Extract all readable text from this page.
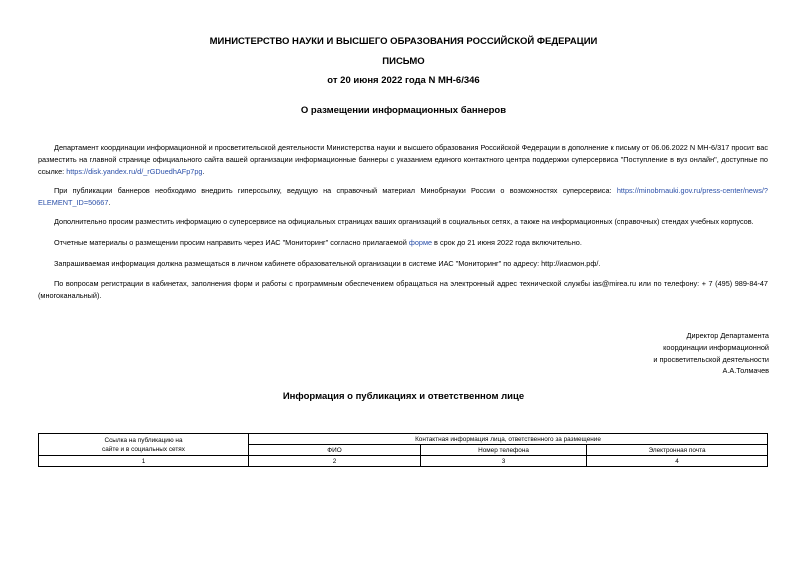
МИНИСТЕРСТВО НАУКИ И ВЫСШЕГО ОБРАЗОВАНИЯ РОССИЙСКОЙ ФЕДЕРАЦИИ
ПИСЬМО
от 20 июня 2022 года N МН-6/346
О размещении информационных баннеров
Департамент координации информационной и просветительской деятельности Министерства науки и высшего образования Российской Федерации в дополнение к письму от 06.06.2022 N МН-6/317 просит вас разместить на главной странице официального сайта вашей организации информационные баннеры с указанием единого контактного центра поддержки суперсервиса "Поступление в вуз онлайн", доступные по ссылке: https://disk.yandex.ru/d/_rGDuedhAFp7pg.
При публикации баннеров необходимо внедрить гиперссылку, ведущую на справочный материал Минобрнауки России о возможностях суперсервиса: https://minobrnauki.gov.ru/press-center/news/?ELEMENT_ID=50667.
Дополнительно просим разместить информацию о суперсервисе на официальных страницах ваших организаций в социальных сетях, а также на информационных (справочных) стендах учебных корпусов.
Отчетные материалы о размещении просим направить через ИАС "Мониторинг" согласно прилагаемой форме в срок до 21 июня 2022 года включительно.
Запрашиваемая информация должна размещаться в личном кабинете образовательной организации в системе ИАС "Мониторинг" по адресу: http://иасмон.рф/.
По вопросам регистрации в кабинетах, заполнения форм и работы с программным обеспечением обращаться на электронный адрес технической службы ias@mirea.ru или по телефону: + 7 (495) 989-84-47 (многоканальный).
Директор Департамента
координации информационной
и просветительской деятельности
А.А.Толмачев
Информация о публикациях и ответственном лице
Ссылка на публикацию на
сайте и в социальных сетях	Контактная информация лица, ответственного за размещение		
	ФИО	Номер телефона	Электронная почта
1	2	3	4
